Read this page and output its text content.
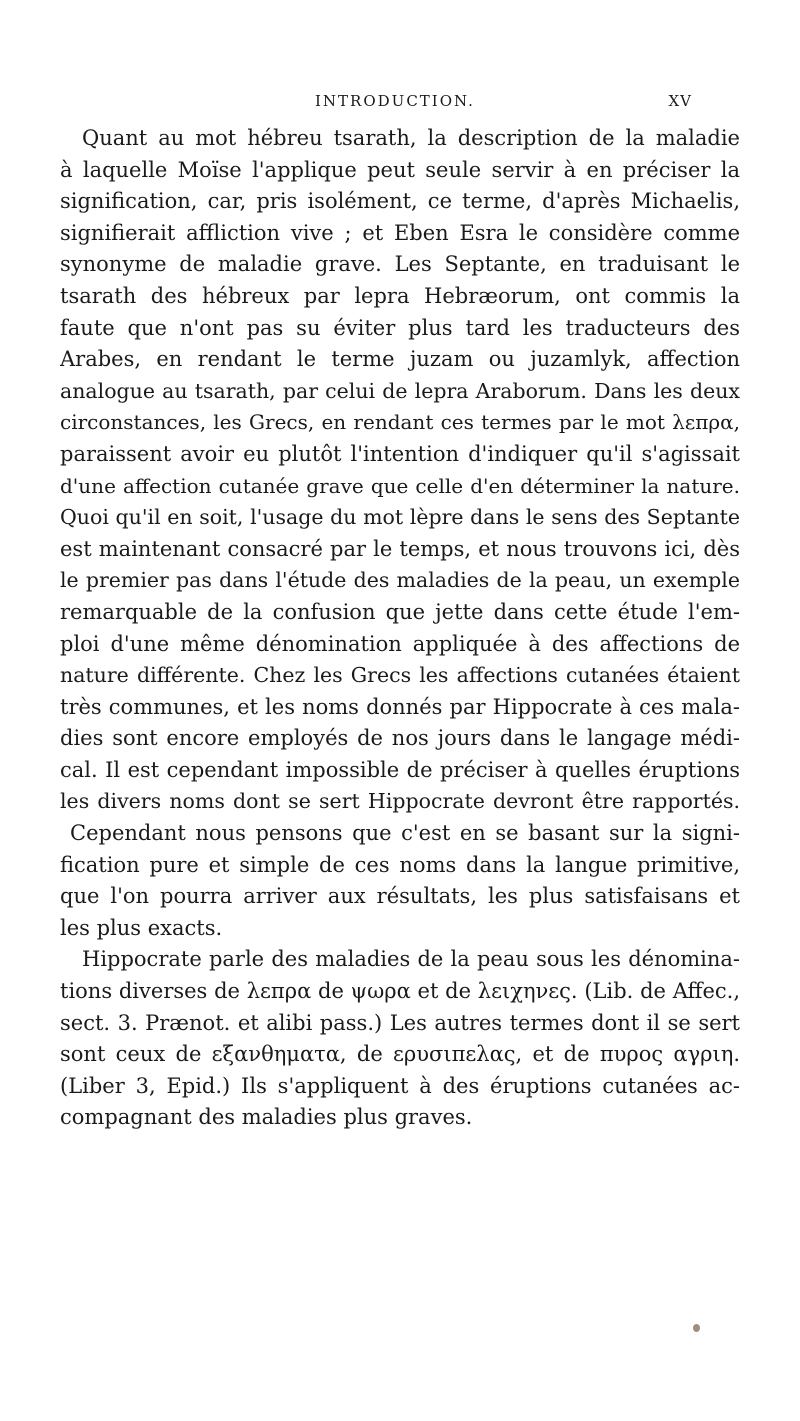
INTRODUCTION.	XV
Quant au mot hébreu tsarath, la description de la maladie
à laquelle Moïse l'applique peut seule servir à en préciser la
signification, car, pris isolément, ce terme, d'après Michaelis,
signifierait affliction vive ; et Eben Esra le considère comme
synonyme de maladie grave. Les Septante, en traduisant le
tsarath des hébreux par lepra Hebræorum, ont commis la
faute que n'ont pas su éviter plus tard les traducteurs des
Arabes, en rendant le terme juzam ou juzamlyk, affection
analogue au tsarath, par celui de lepra Araborum. Dans les deux
circonstances, les Grecs, en rendant ces termes par le mot λεπρα,
paraissent avoir eu plutôt l'intention d'indiquer qu'il s'agissait
d'une affection cutanée grave que celle d'en déterminer la nature.
Quoi qu'il en soit, l'usage du mot lèpre dans le sens des Septante
est maintenant consacré par le temps, et nous trouvons ici, dès
le premier pas dans l'étude des maladies de la peau, un exemple
remarquable de la confusion que jette dans cette étude l'em-
ploi d'une même dénomination appliquée à des affections de
nature différente. Chez les Grecs les affections cutanées étaient
très communes, et les noms donnés par Hippocrate à ces mala-
dies sont encore employés de nos jours dans le langage médi-
cal. Il est cependant impossible de préciser à quelles éruptions
les divers noms dont se sert Hippocrate devront être rapportés.
Cependant nous pensons que c'est en se basant sur la signi-
fication pure et simple de ces noms dans la langue primitive,
que l'on pourra arriver aux résultats, les plus satisfaisans et
les plus exacts.
Hippocrate parle des maladies de la peau sous les dénomina-
tions diverses de λεπρα de ψωρα et de λειχηνες. (Lib. de Affec.,
sect. 3. Prænot. et alibi pass.) Les autres termes dont il se sert
sont ceux de εξανθηματα, de ερυσιπελας, et de πυρος αγριη.
(Liber 3, Epid.) Ils s'appliquent à des éruptions cutanées ac-
compagnant des maladies plus graves.
